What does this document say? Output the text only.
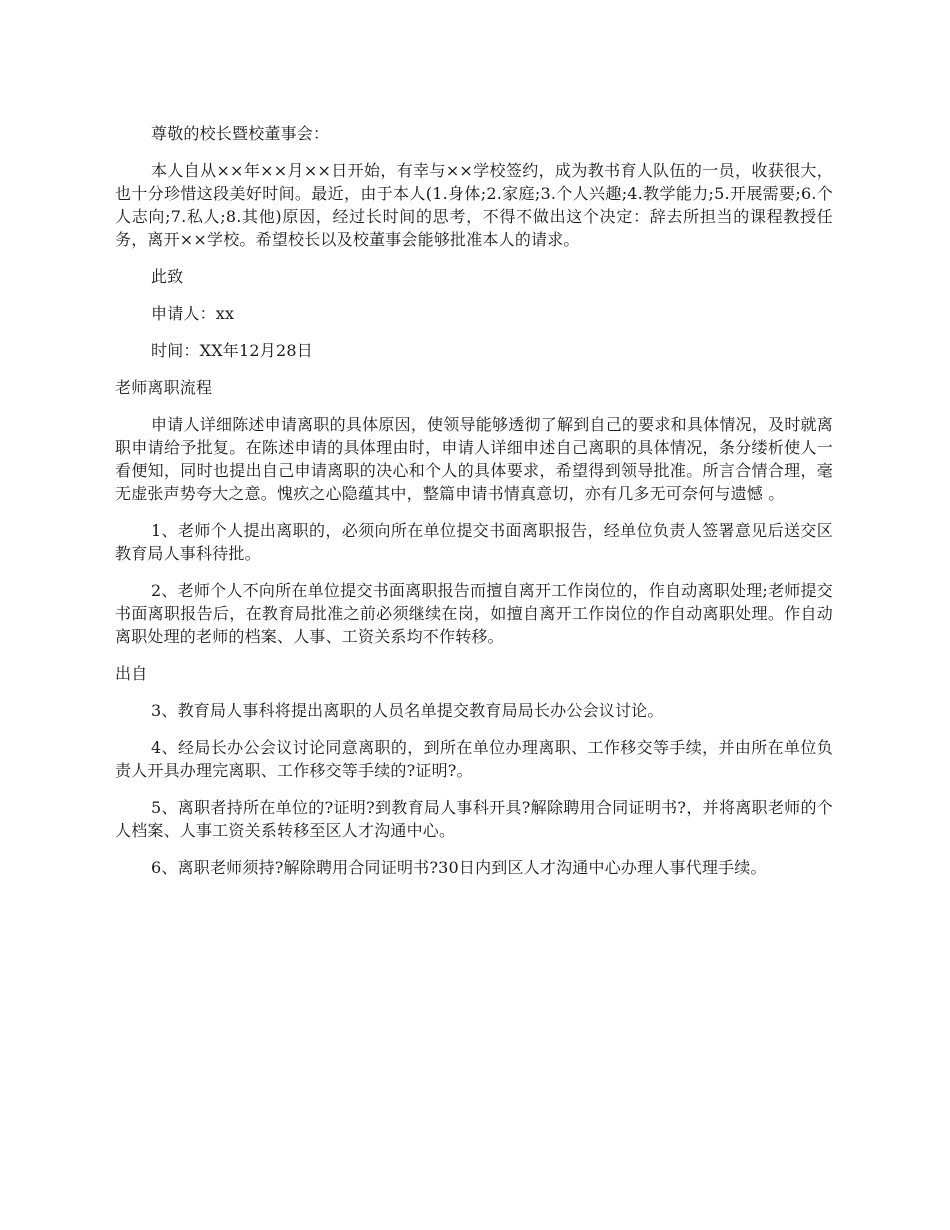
尊敬的校长暨校董事会：

本人自从××年××月××日开始，有幸与××学校签约，成为教书育人队伍的一员，收获很大，也十分珍惜这段美好时间。最近，由于本人(1.身体;2.家庭;3.个人兴趣;4.教学能力;5.开展需要;6.个人志向;7.私人;8.其他)原因，经过长时间的思考，不得不做出这个决定：辞去所担当的课程教授任务，离开××学校。希望校长以及校董事会能够批准本人的请求。

此致

申请人：xx

时间：XX年12月28日

老师离职流程

申请人详细陈述申请离职的具体原因，使领导能够透彻了解到自己的要求和具体情况，及时就离职申请给予批复。在陈述申请的具体理由时，申请人详细申述自己离职的具体情况，条分缕析使人一看便知，同时也提出自己申请离职的决心和个人的具体要求，希望得到领导批准。所言合情合理，毫无虚张声势夸大之意。愧疚之心隐蕴其中，整篇申请书情真意切，亦有几多无可奈何与遗憾 。

1、老师个人提出离职的，必须向所在单位提交书面离职报告，经单位负责人签署意见后送交区教育局人事科待批。

2、老师个人不向所在单位提交书面离职报告而擅自离开工作岗位的，作自动离职处理;老师提交书面离职报告后，在教育局批准之前必须继续在岗，如擅自离开工作岗位的作自动离职处理。作自动离职处理的老师的档案、人事、工资关系均不作转移。

出自

3、教育局人事科将提出离职的人员名单提交教育局局长办公会议讨论。

4、经局长办公会议讨论同意离职的，到所在单位办理离职、工作移交等手续，并由所在单位负责人开具办理完离职、工作移交等手续的?证明?。

5、离职者持所在单位的?证明?到教育局人事科开具?解除聘用合同证明书?，并将离职老师的个人档案、人事工资关系转移至区人才沟通中心。

6、离职老师须持?解除聘用合同证明书?30日内到区人才沟通中心办理人事代理手续。
